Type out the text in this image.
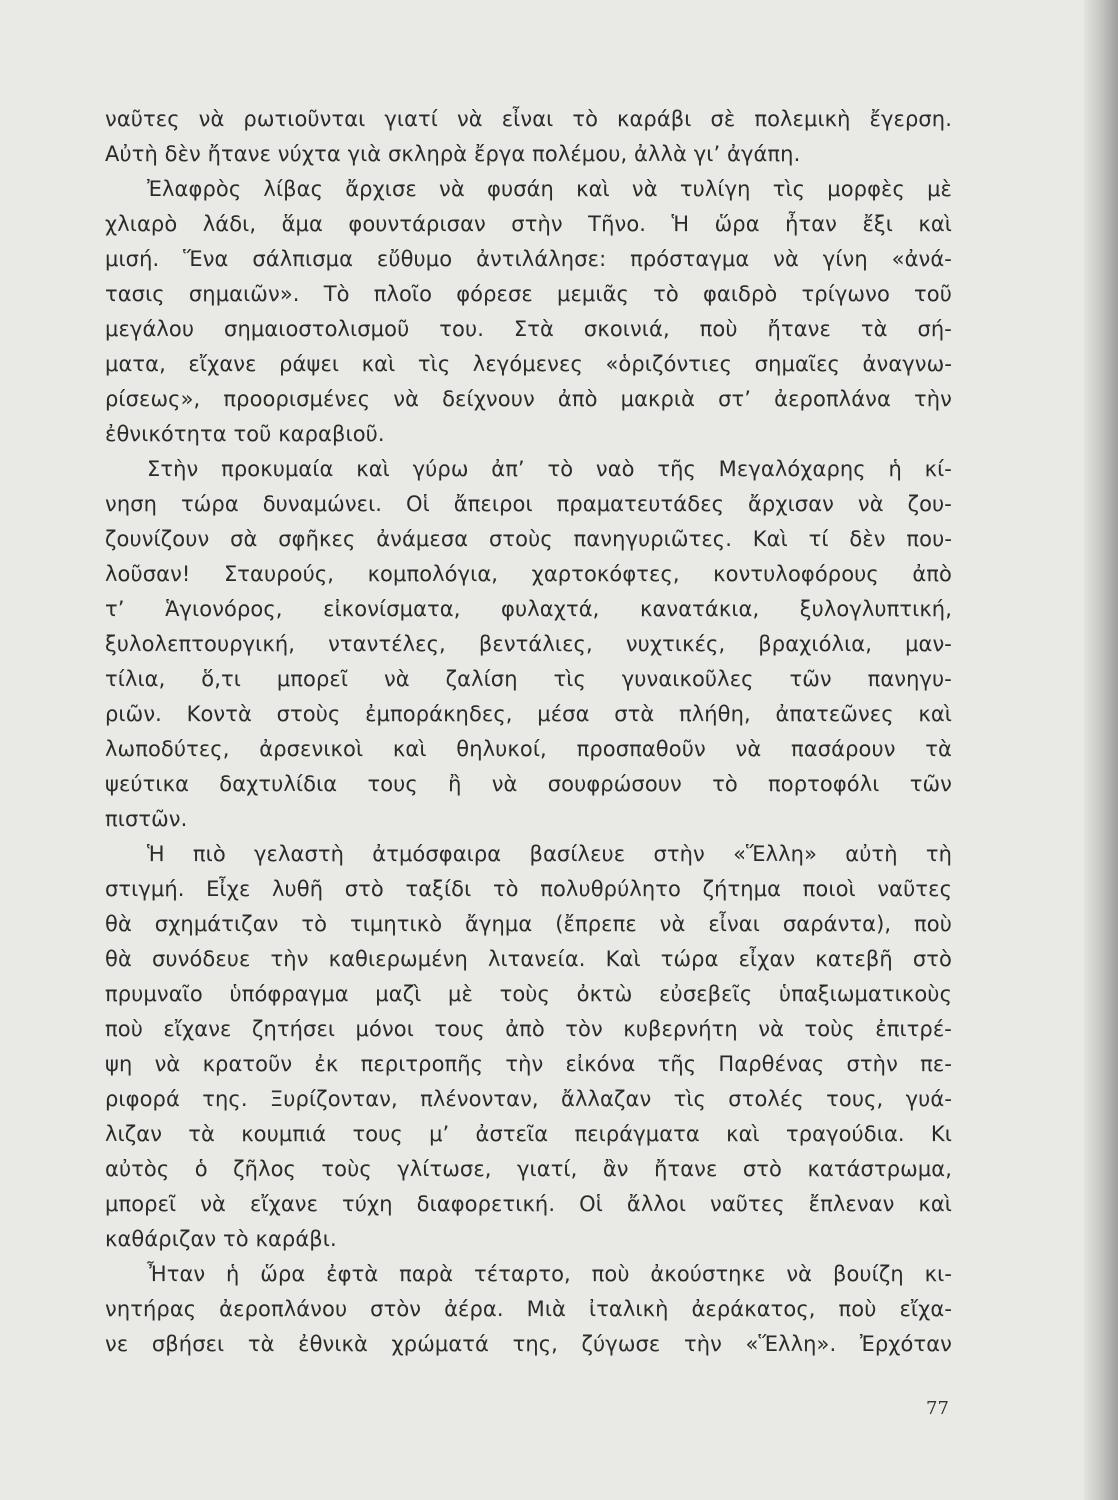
ναῦτες νὰ ρωτιοῦνται γιατί νὰ εἶναι τὸ καράβι σὲ πολεμικὴ ἔγερση.
Αὐτὴ δὲν ἤτανε νύχτα γιὰ σκληρὰ ἔργα πολέμου, ἀλλὰ γι’ ἀγάπη.
Ἐλαφρὸς λίβας ἄρχισε νὰ φυσάη καὶ νὰ τυλίγη τὶς μορφὲς μὲ
χλιαρὸ λάδι, ἅμα φουντάρισαν στὴν Τῆνο. Ἡ ὥρα ἦταν ἔξι καὶ
μισή. Ἕνα σάλπισμα εὔθυμο ἀντιλάλησε: πρόσταγμα νὰ γίνη «ἀνά-
τασις σημαιῶν». Τὸ πλοῖο φόρεσε μεμιᾶς τὸ φαιδρὸ τρίγωνο τοῦ
μεγάλου σημαιοστολισμοῦ του. Στὰ σκοινιά, ποὺ ἤτανε τὰ σή-
ματα, εἴχανε ράψει καὶ τὶς λεγόμενες «ὁριζόντιες σημαῖες ἀναγνω-
ρίσεως», προορισμένες νὰ δείχνουν ἀπὸ μακριὰ στ’ ἀεροπλάνα τὴν
ἐθνικότητα τοῦ καραβιοῦ.
Στὴν προκυμαία καὶ γύρω ἀπ’ τὸ ναὸ τῆς Μεγαλόχαρης ἡ κί-
νηση τώρα δυναμώνει. Οἱ ἄπειροι πραματευτάδες ἄρχισαν νὰ ζου-
ζουνίζουν σὰ σφῆκες ἀνάμεσα στοὺς πανηγυριῶτες. Καὶ τί δὲν που-
λοῦσαν! Σταυρούς, κομπολόγια, χαρτοκόφτες, κοντυλοφόρους ἀπὸ
τ’ Ἁγιονόρος, εἰκονίσματα, φυλαχτά, κανατάκια, ξυλογλυπτική,
ξυλολεπτουργική, νταντέλες, βεντάλιες, νυχτικές, βραχιόλια, μαν-
τίλια, ὅ,τι μπορεῖ νὰ ζαλίση τὶς γυναικοῦλες τῶν πανηγυ-
ριῶν. Κοντὰ στοὺς ἐμποράκηδες, μέσα στὰ πλήθη, ἀπατεῶνες καὶ
λωποδύτες, ἀρσενικοὶ καὶ θηλυκοί, προσπαθοῦν νὰ πασάρουν τὰ
ψεύτικα δαχτυλίδια τους ἢ νὰ σουφρώσουν τὸ πορτοφόλι τῶν
πιστῶν.
Ἡ πιὸ γελαστὴ ἀτμόσφαιρα βασίλευε στὴν «Ἕλλη» αὐτὴ τὴ
στιγμή. Εἶχε λυθῆ στὸ ταξίδι τὸ πολυθρύλητο ζήτημα ποιοὶ ναῦτες
θὰ σχημάτιζαν τὸ τιμητικὸ ἄγημα (ἔπρεπε νὰ εἶναι σαράντα), ποὺ
θὰ συνόδευε τὴν καθιερωμένη λιτανεία. Καὶ τώρα εἶχαν κατεβῆ στὸ
πρυμναῖο ὑπόφραγμα μαζὶ μὲ τοὺς ὀκτὼ εὐσεβεῖς ὑπαξιωματικοὺς
ποὺ εἴχανε ζητήσει μόνοι τους ἀπὸ τὸν κυβερνήτη νὰ τοὺς ἐπιτρέ-
ψη νὰ κρατοῦν ἐκ περιτροπῆς τὴν εἰκόνα τῆς Παρθένας στὴν πε-
ριφορά της. Ξυρίζονταν, πλένονταν, ἄλλαζαν τὶς στολές τους, γυά-
λιζαν τὰ κουμπιά τους μ’ ἀστεῖα πειράγματα καὶ τραγούδια. Κι
αὐτὸς ὁ ζῆλος τοὺς γλίτωσε, γιατί, ἂν ἤτανε στὸ κατάστρωμα,
μπορεῖ νὰ εἴχανε τύχη διαφορετική. Οἱ ἄλλοι ναῦτες ἔπλεναν καὶ
καθάριζαν τὸ καράβι.
Ἦταν ἡ ὥρα ἐφτὰ παρὰ τέταρτο, ποὺ ἀκούστηκε νὰ βουίζη κι-
νητήρας ἀεροπλάνου στὸν ἀέρα. Μιὰ ἰταλικὴ ἀεράκατος, ποὺ εἴχα-
νε σβήσει τὰ ἐθνικὰ χρώματά της, ζύγωσε τὴν «Ἕλλη». Ἐρχόταν
77
